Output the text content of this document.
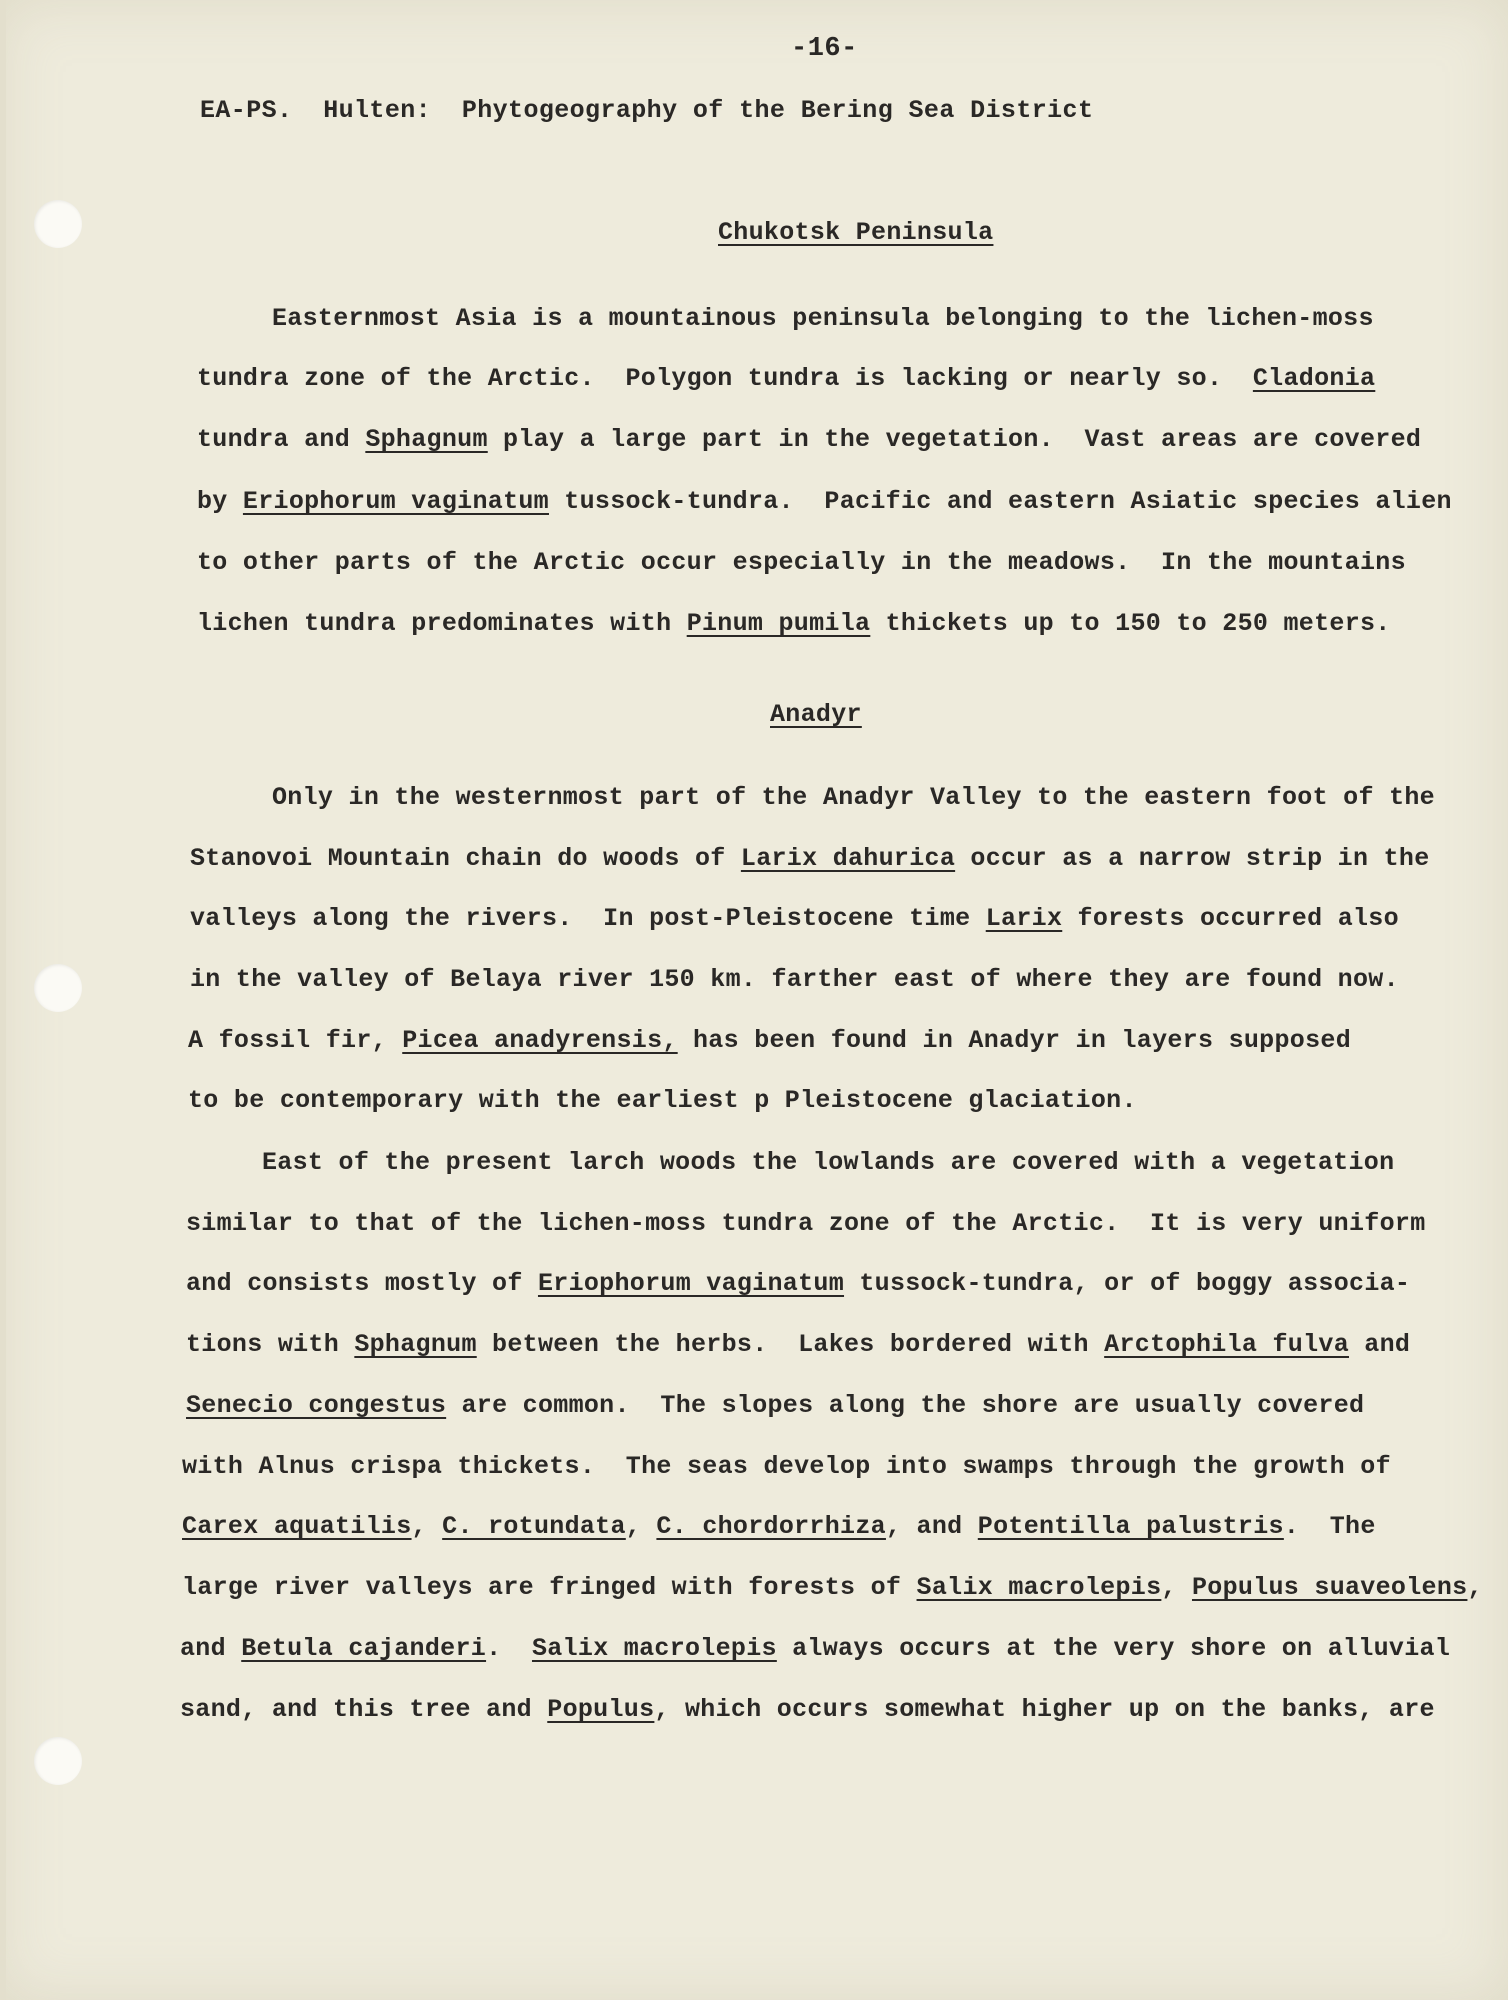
-16-
EA-PS.  Hulten:  Phytogeography of the Bering Sea District
Chukotsk Peninsula
Easternmost Asia is a mountainous peninsula belonging to the lichen-moss
tundra zone of the Arctic.  Polygon tundra is lacking or nearly so.  Cladonia
tundra and Sphagnum play a large part in the vegetation.  Vast areas are covered
by Eriophorum vaginatum tussock-tundra.  Pacific and eastern Asiatic species alien
to other parts of the Arctic occur especially in the meadows.  In the mountains
lichen tundra predominates with Pinum pumila thickets up to 150 to 250 meters.
Anadyr
Only in the westernmost part of the Anadyr Valley to the eastern foot of the
Stanovoi Mountain chain do woods of Larix dahurica occur as a narrow strip in the
valleys along the rivers.  In post-Pleistocene time Larix forests occurred also
in the valley of Belaya river 150 km. farther east of where they are found now.
A fossil fir, Picea anadyrensis, has been found in Anadyr in layers supposed
to be contemporary with the earliest p Pleistocene glaciation.
East of the present larch woods the lowlands are covered with a vegetation
similar to that of the lichen-moss tundra zone of the Arctic.  It is very uniform
and consists mostly of Eriophorum vaginatum tussock-tundra, or of boggy associa-
tions with Sphagnum between the herbs.  Lakes bordered with Arctophila fulva and
Senecio congestus are common.  The slopes along the shore are usually covered
with Alnus crispa thickets.  The seas develop into swamps through the growth of
Carex aquatilis, C. rotundata, C. chordorrhiza, and Potentilla palustris.  The
large river valleys are fringed with forests of Salix macrolepis, Populus suaveolens,
and Betula cajanderi.  Salix macrolepis always occurs at the very shore on alluvial
sand, and this tree and Populus, which occurs somewhat higher up on the banks, are
